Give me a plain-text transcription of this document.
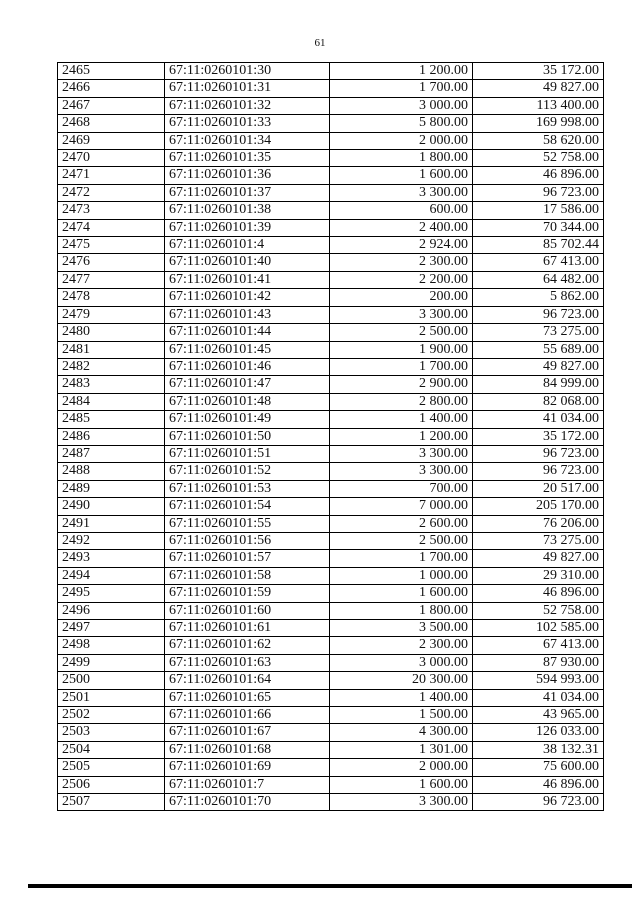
61
2465	67:11:0260101:30	1 200.00	35 172.00
2466	67:11:0260101:31	1 700.00	49 827.00
2467	67:11:0260101:32	3 000.00	113 400.00
2468	67:11:0260101:33	5 800.00	169 998.00
2469	67:11:0260101:34	2 000.00	58 620.00
2470	67:11:0260101:35	1 800.00	52 758.00
2471	67:11:0260101:36	1 600.00	46 896.00
2472	67:11:0260101:37	3 300.00	96 723.00
2473	67:11:0260101:38	600.00	17 586.00
2474	67:11:0260101:39	2 400.00	70 344.00
2475	67:11:0260101:4	2 924.00	85 702.44
2476	67:11:0260101:40	2 300.00	67 413.00
2477	67:11:0260101:41	2 200.00	64 482.00
2478	67:11:0260101:42	200.00	5 862.00
2479	67:11:0260101:43	3 300.00	96 723.00
2480	67:11:0260101:44	2 500.00	73 275.00
2481	67:11:0260101:45	1 900.00	55 689.00
2482	67:11:0260101:46	1 700.00	49 827.00
2483	67:11:0260101:47	2 900.00	84 999.00
2484	67:11:0260101:48	2 800.00	82 068.00
2485	67:11:0260101:49	1 400.00	41 034.00
2486	67:11:0260101:50	1 200.00	35 172.00
2487	67:11:0260101:51	3 300.00	96 723.00
2488	67:11:0260101:52	3 300.00	96 723.00
2489	67:11:0260101:53	700.00	20 517.00
2490	67:11:0260101:54	7 000.00	205 170.00
2491	67:11:0260101:55	2 600.00	76 206.00
2492	67:11:0260101:56	2 500.00	73 275.00
2493	67:11:0260101:57	1 700.00	49 827.00
2494	67:11:0260101:58	1 000.00	29 310.00
2495	67:11:0260101:59	1 600.00	46 896.00
2496	67:11:0260101:60	1 800.00	52 758.00
2497	67:11:0260101:61	3 500.00	102 585.00
2498	67:11:0260101:62	2 300.00	67 413.00
2499	67:11:0260101:63	3 000.00	87 930.00
2500	67:11:0260101:64	20 300.00	594 993.00
2501	67:11:0260101:65	1 400.00	41 034.00
2502	67:11:0260101:66	1 500.00	43 965.00
2503	67:11:0260101:67	4 300.00	126 033.00
2504	67:11:0260101:68	1 301.00	38 132.31
2505	67:11:0260101:69	2 000.00	75 600.00
2506	67:11:0260101:7	1 600.00	46 896.00
2507	67:11:0260101:70	3 300.00	96 723.00
